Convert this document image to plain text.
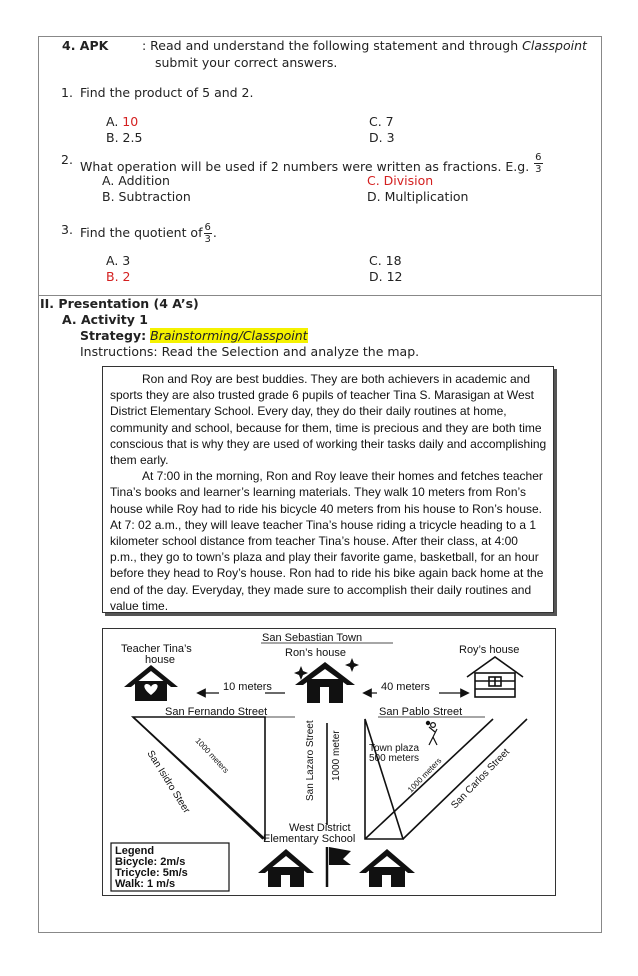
4. APK	: Read and understand the following statement and through Classpoint
submit your correct answers.
1. Find the product of 5 and 2.
A. 10
B. 2.5
C. 7
D. 3
2. What operation will be used if 2 numbers were written as fractions. E.g.
$\frac{6}{3}$
A. Addition
B. Subtraction
C. Division
D. Multiplication
3. Find the quotient of $\frac{6}{3}$ .
A. 3
B. 2
C. 18
D. 12
II. Presentation (4 A’s)
A. Activity 1
Strategy: Brainstorming/Classpoint
Instructions: Read the Selection and analyze the map.

Ron and Roy are best buddies. They are both achievers in academic and sports they are also trusted grade 6 pupils of teacher Tina S. Marasigan at West District Elementary School. Every day, they do their daily routines at home, community and school, because for them, time is precious and they are both time conscious that is why they are used of working their tasks daily and accomplishing them early.

At 7:00 in the morning, Ron and Roy leave their homes and fetches teacher Tina’s books and learner’s learning materials. They walk 10 meters from Ron’s house while Roy had to ride his bicycle 40 meters from his house to Ron’s house. At 7: 02 a.m., they will leave teacher Tina’s house riding a tricycle heading to a 1 kilometer school distance from teacher Tina’s house. After their class, at 4:00 p.m., they go to town’s plaza and play their favorite game, basketball, for an hour before they head to Roy’s house. Ron had to ride his bike again back home at the end of the day. Everyday, they made sure to accomplish their daily routines and value time.

San Sebastian Town
Teacher Tina’s
house
Ron’s house	Roy’s house
10 meters	40 meters
San Fernando Street	San Pablo Street
San Isidro Steer 1000 meters	San Lazaro Street 1000 meter	Town plaza
500 meters
1000 meters San Carlos Street
West District
Elementary School
Legend
Bicycle: 2m/s
Tricycle: 5m/s
Walk: 1 m/s
